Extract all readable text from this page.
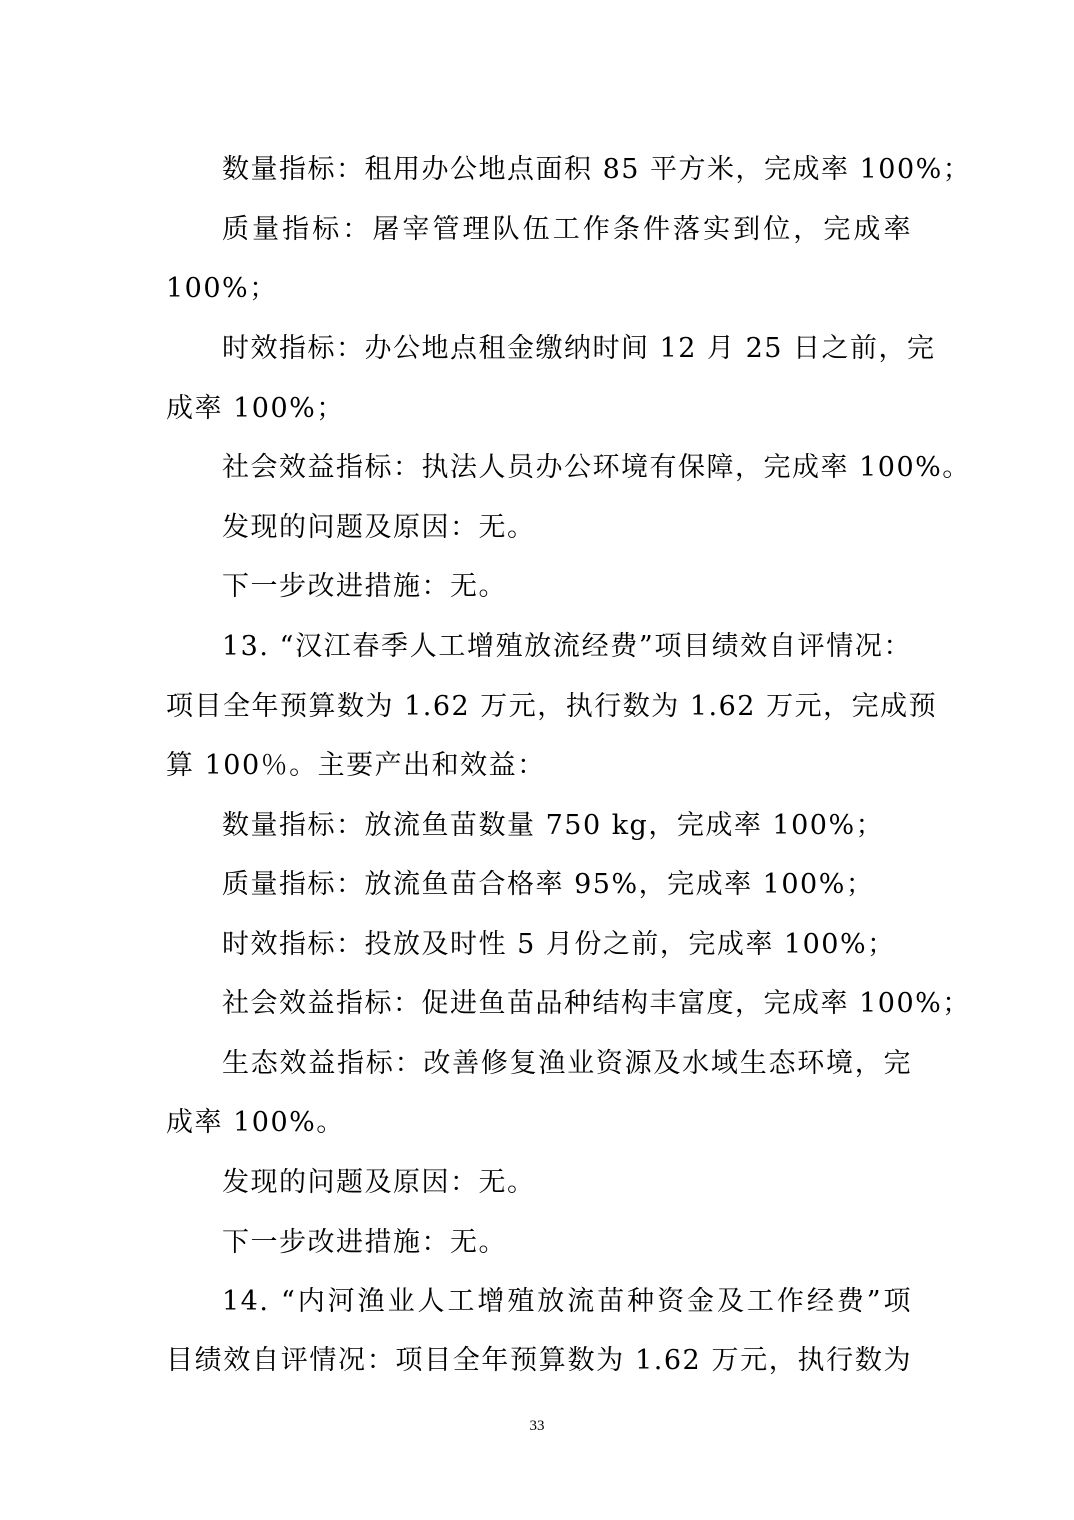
数量指标：租用办公地点面积 85 平方米，完成率 100%；
质量指标：屠宰管理队伍工作条件落实到位，完成率
100%；
时效指标：办公地点租金缴纳时间 12 月 25 日之前，完
成率 100%；
社会效益指标：执法人员办公环境有保障，完成率 100%。
发现的问题及原因：无。
下一步改进措施：无。
13. “汉江春季人工增殖放流经费”项目绩效自评情况：
项目全年预算数为 1.62 万元，执行数为 1.62 万元，完成预
算 100％。主要产出和效益：
数量指标：放流鱼苗数量 750 kg，完成率 100%；
质量指标：放流鱼苗合格率 95%，完成率 100%；
时效指标：投放及时性 5 月份之前，完成率 100%；
社会效益指标：促进鱼苗品种结构丰富度，完成率 100%；
生态效益指标：改善修复渔业资源及水域生态环境，完
成率 100%。
发现的问题及原因：无。
下一步改进措施：无。
14. “内河渔业人工增殖放流苗种资金及工作经费”项
目绩效自评情况：项目全年预算数为 1.62 万元，执行数为
33
